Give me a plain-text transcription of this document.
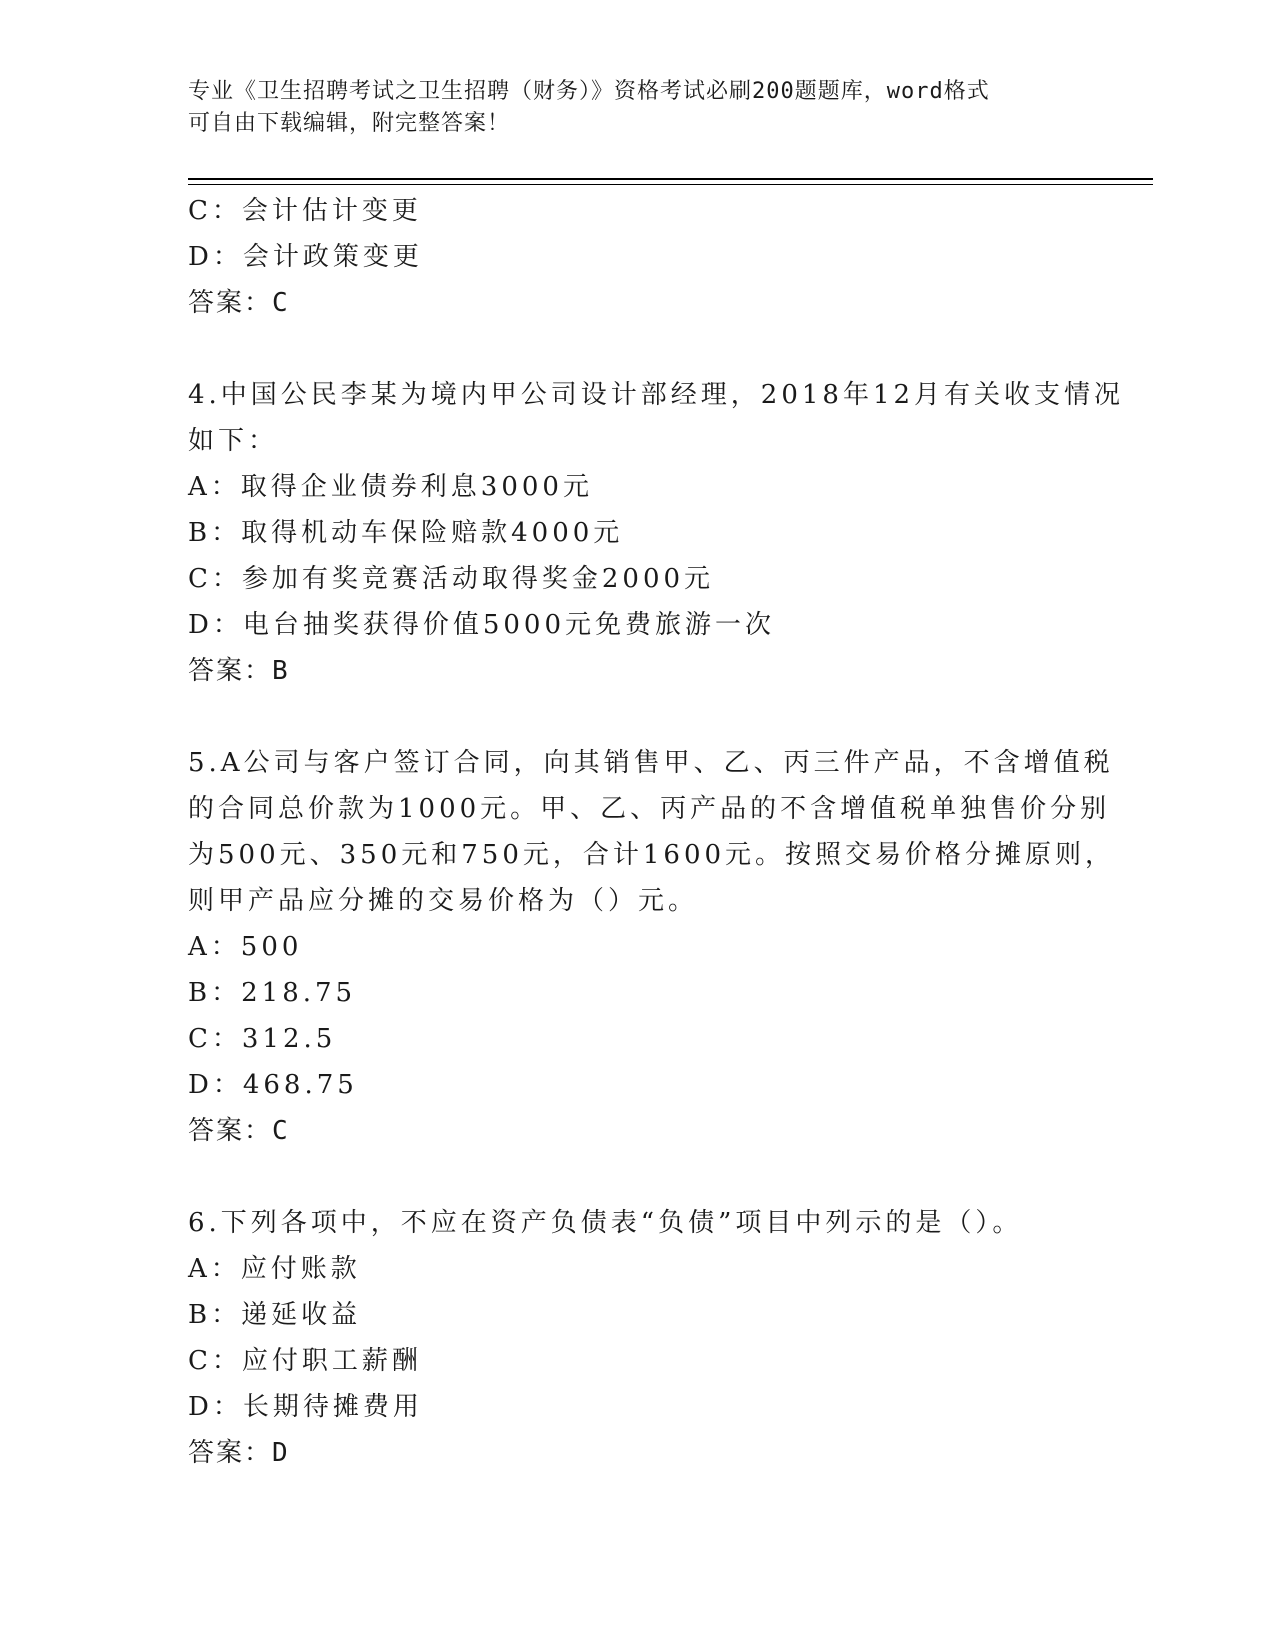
专业《卫生招聘考试之卫生招聘（财务）》资格考试必刷200题题库，word格式
可自由下载编辑，附完整答案！
C：会计估计变更
D：会计政策变更
答案：C
4.中国公民李某为境内甲公司设计部经理，2018年12月有关收支情况
如下：
A：取得企业债券利息3000元
B：取得机动车保险赔款4000元
C：参加有奖竞赛活动取得奖金2000元
D：电台抽奖获得价值5000元免费旅游一次
答案：B
5.A公司与客户签订合同，向其销售甲、乙、丙三件产品，不含增值税
的合同总价款为1000元。甲、乙、丙产品的不含增值税单独售价分别
为500元、350元和750元，合计1600元。按照交易价格分摊原则，
则甲产品应分摊的交易价格为（）元。
A：500
B：218.75
C：312.5
D：468.75
答案：C
6.下列各项中，不应在资产负债表“负债”项目中列示的是（）。
A：应付账款
B：递延收益
C：应付职工薪酬
D：长期待摊费用
答案：D
